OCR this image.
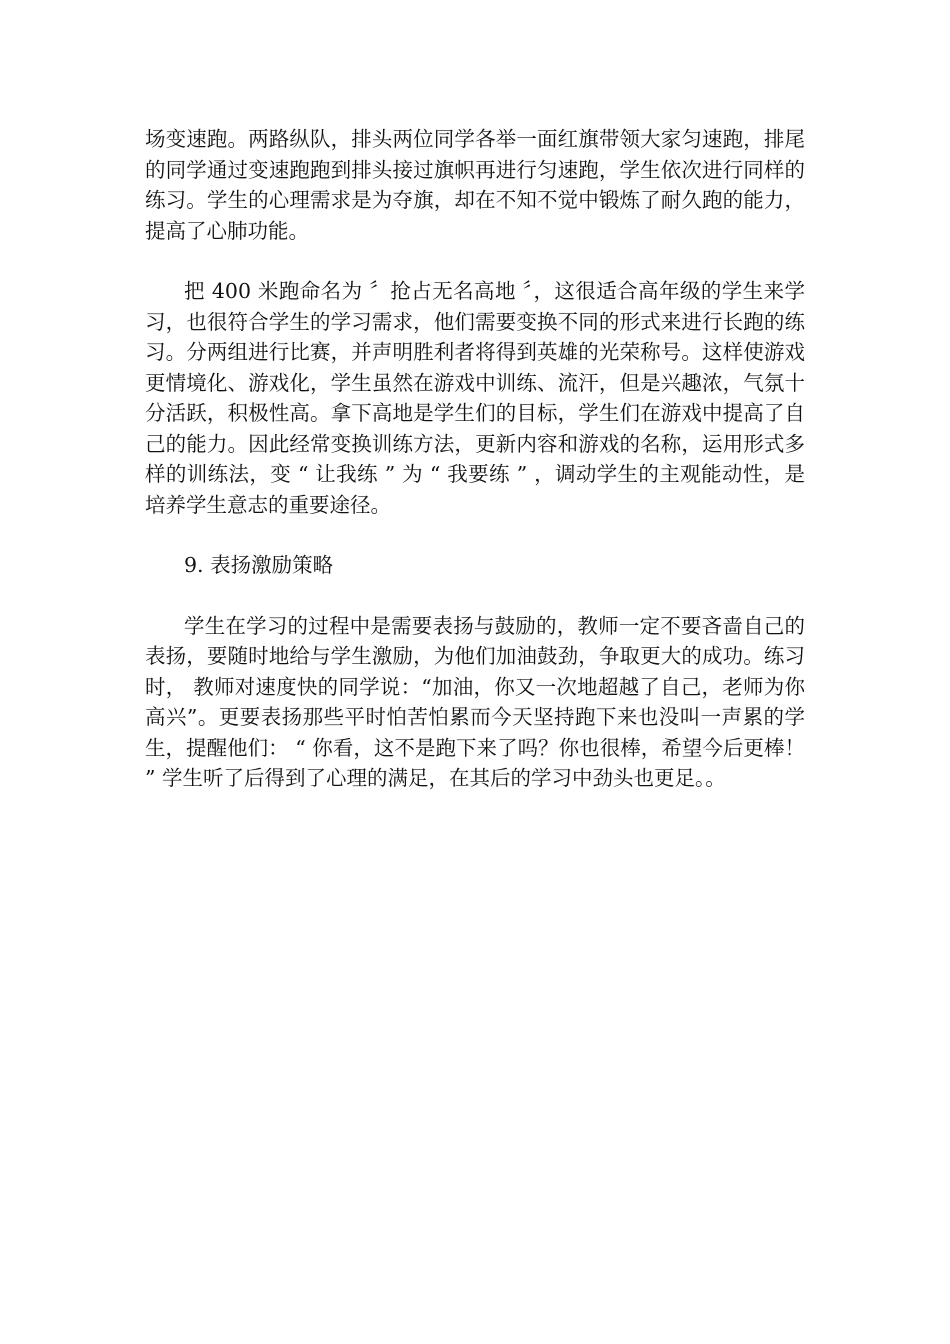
场变速跑。两路纵队，排头两位同学各举一面红旗带领大家匀速跑，排尾的同学通过变速跑跑到排头接过旗帜再进行匀速跑，学生依次进行同样的练习。学生的心理需求是为夺旗，却在不知不觉中锻炼了耐久跑的能力，提高了心肺功能。

把 400 米跑命名为 〞抢占无名高地 〞，这很适合高年级的学生来学习，也很符合学生的学习需求，他们需要变换不同的形式来进行长跑的练习。分两组进行比赛，并声明胜利者将得到英雄的光荣称号。这样使游戏更情境化、游戏化，学生虽然在游戏中训练、流汗，但是兴趣浓，气氛十分活跃，积极性高。拿下高地是学生们的目标，学生们在游戏中提高了自己的能力。因此经常变换训练方法，更新内容和游戏的名称，运用形式多样的训练法，变 “ 让我练 ” 为 “ 我要练 ” ，调动学生的主观能动性，是培养学生意志的重要途径。

9. 表扬激励策略

学生在学习的过程中是需要表扬与鼓励的，教师一定不要吝啬自己的表扬，要随时地给与学生激励，为他们加油鼓劲，争取更大的成功。练习时， 教师对速度快的同学说：“加油，你又一次地超越了自己，老师为你高兴”。更要表扬那些平时怕苦怕累而今天坚持跑下来也没叫一声累的学生，提醒他们： “ 你看，这不是跑下来了吗？你也很棒，希望今后更棒！ ” 学生听了后得到了心理的满足，在其后的学习中劲头也更足。。
